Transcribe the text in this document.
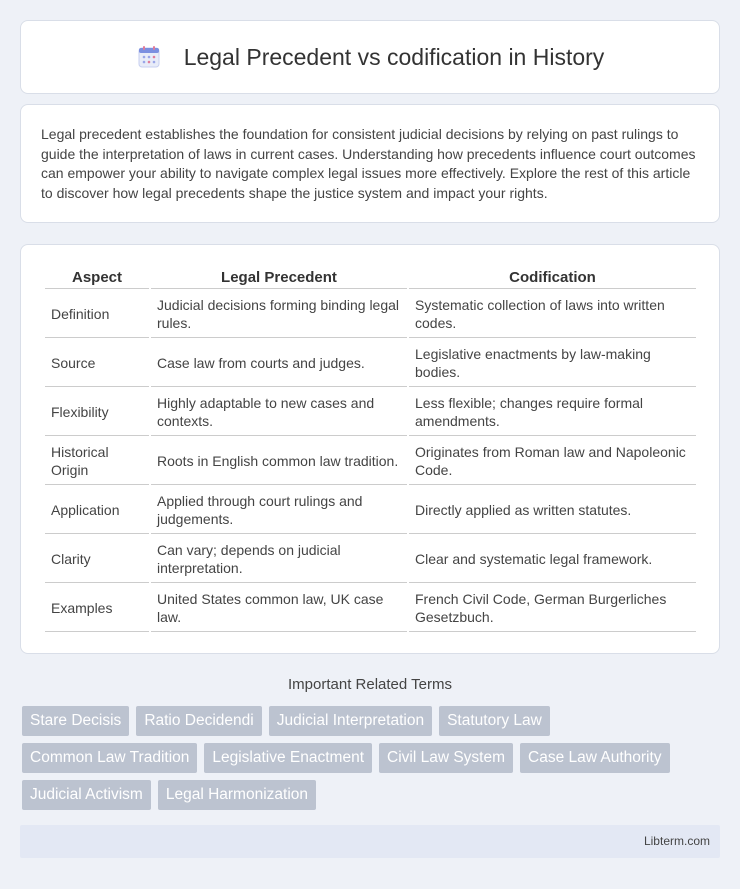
Legal Precedent vs codification in History

Legal precedent establishes the foundation for consistent judicial decisions by relying on past rulings to guide the interpretation of laws in current cases. Understanding how precedents influence court outcomes can empower your ability to navigate complex legal issues more effectively. Explore the rest of this article to discover how legal precedents shape the justice system and impact your rights.

Aspect	Legal Precedent	Codification
Definition	Judicial decisions forming binding legal rules.	Systematic collection of laws into written codes.
Source	Case law from courts and judges.	Legislative enactments by law-making bodies.
Flexibility	Highly adaptable to new cases and contexts.	Less flexible; changes require formal amendments.
Historical Origin	Roots in English common law tradition.	Originates from Roman law and Napoleonic Code.
Application	Applied through court rulings and judgements.	Directly applied as written statutes.
Clarity	Can vary; depends on judicial interpretation.	Clear and systematic legal framework.
Examples	United States common law, UK case law.	French Civil Code, German Burgerliches Gesetzbuch.
Important Related Terms
Stare Decisis	Ratio Decidendi	Judicial Interpretation	Statutory Law
Common Law Tradition	Legislative Enactment	Civil Law System	Case Law Authority
Judicial Activism	Legal Harmonization
Libterm.com
